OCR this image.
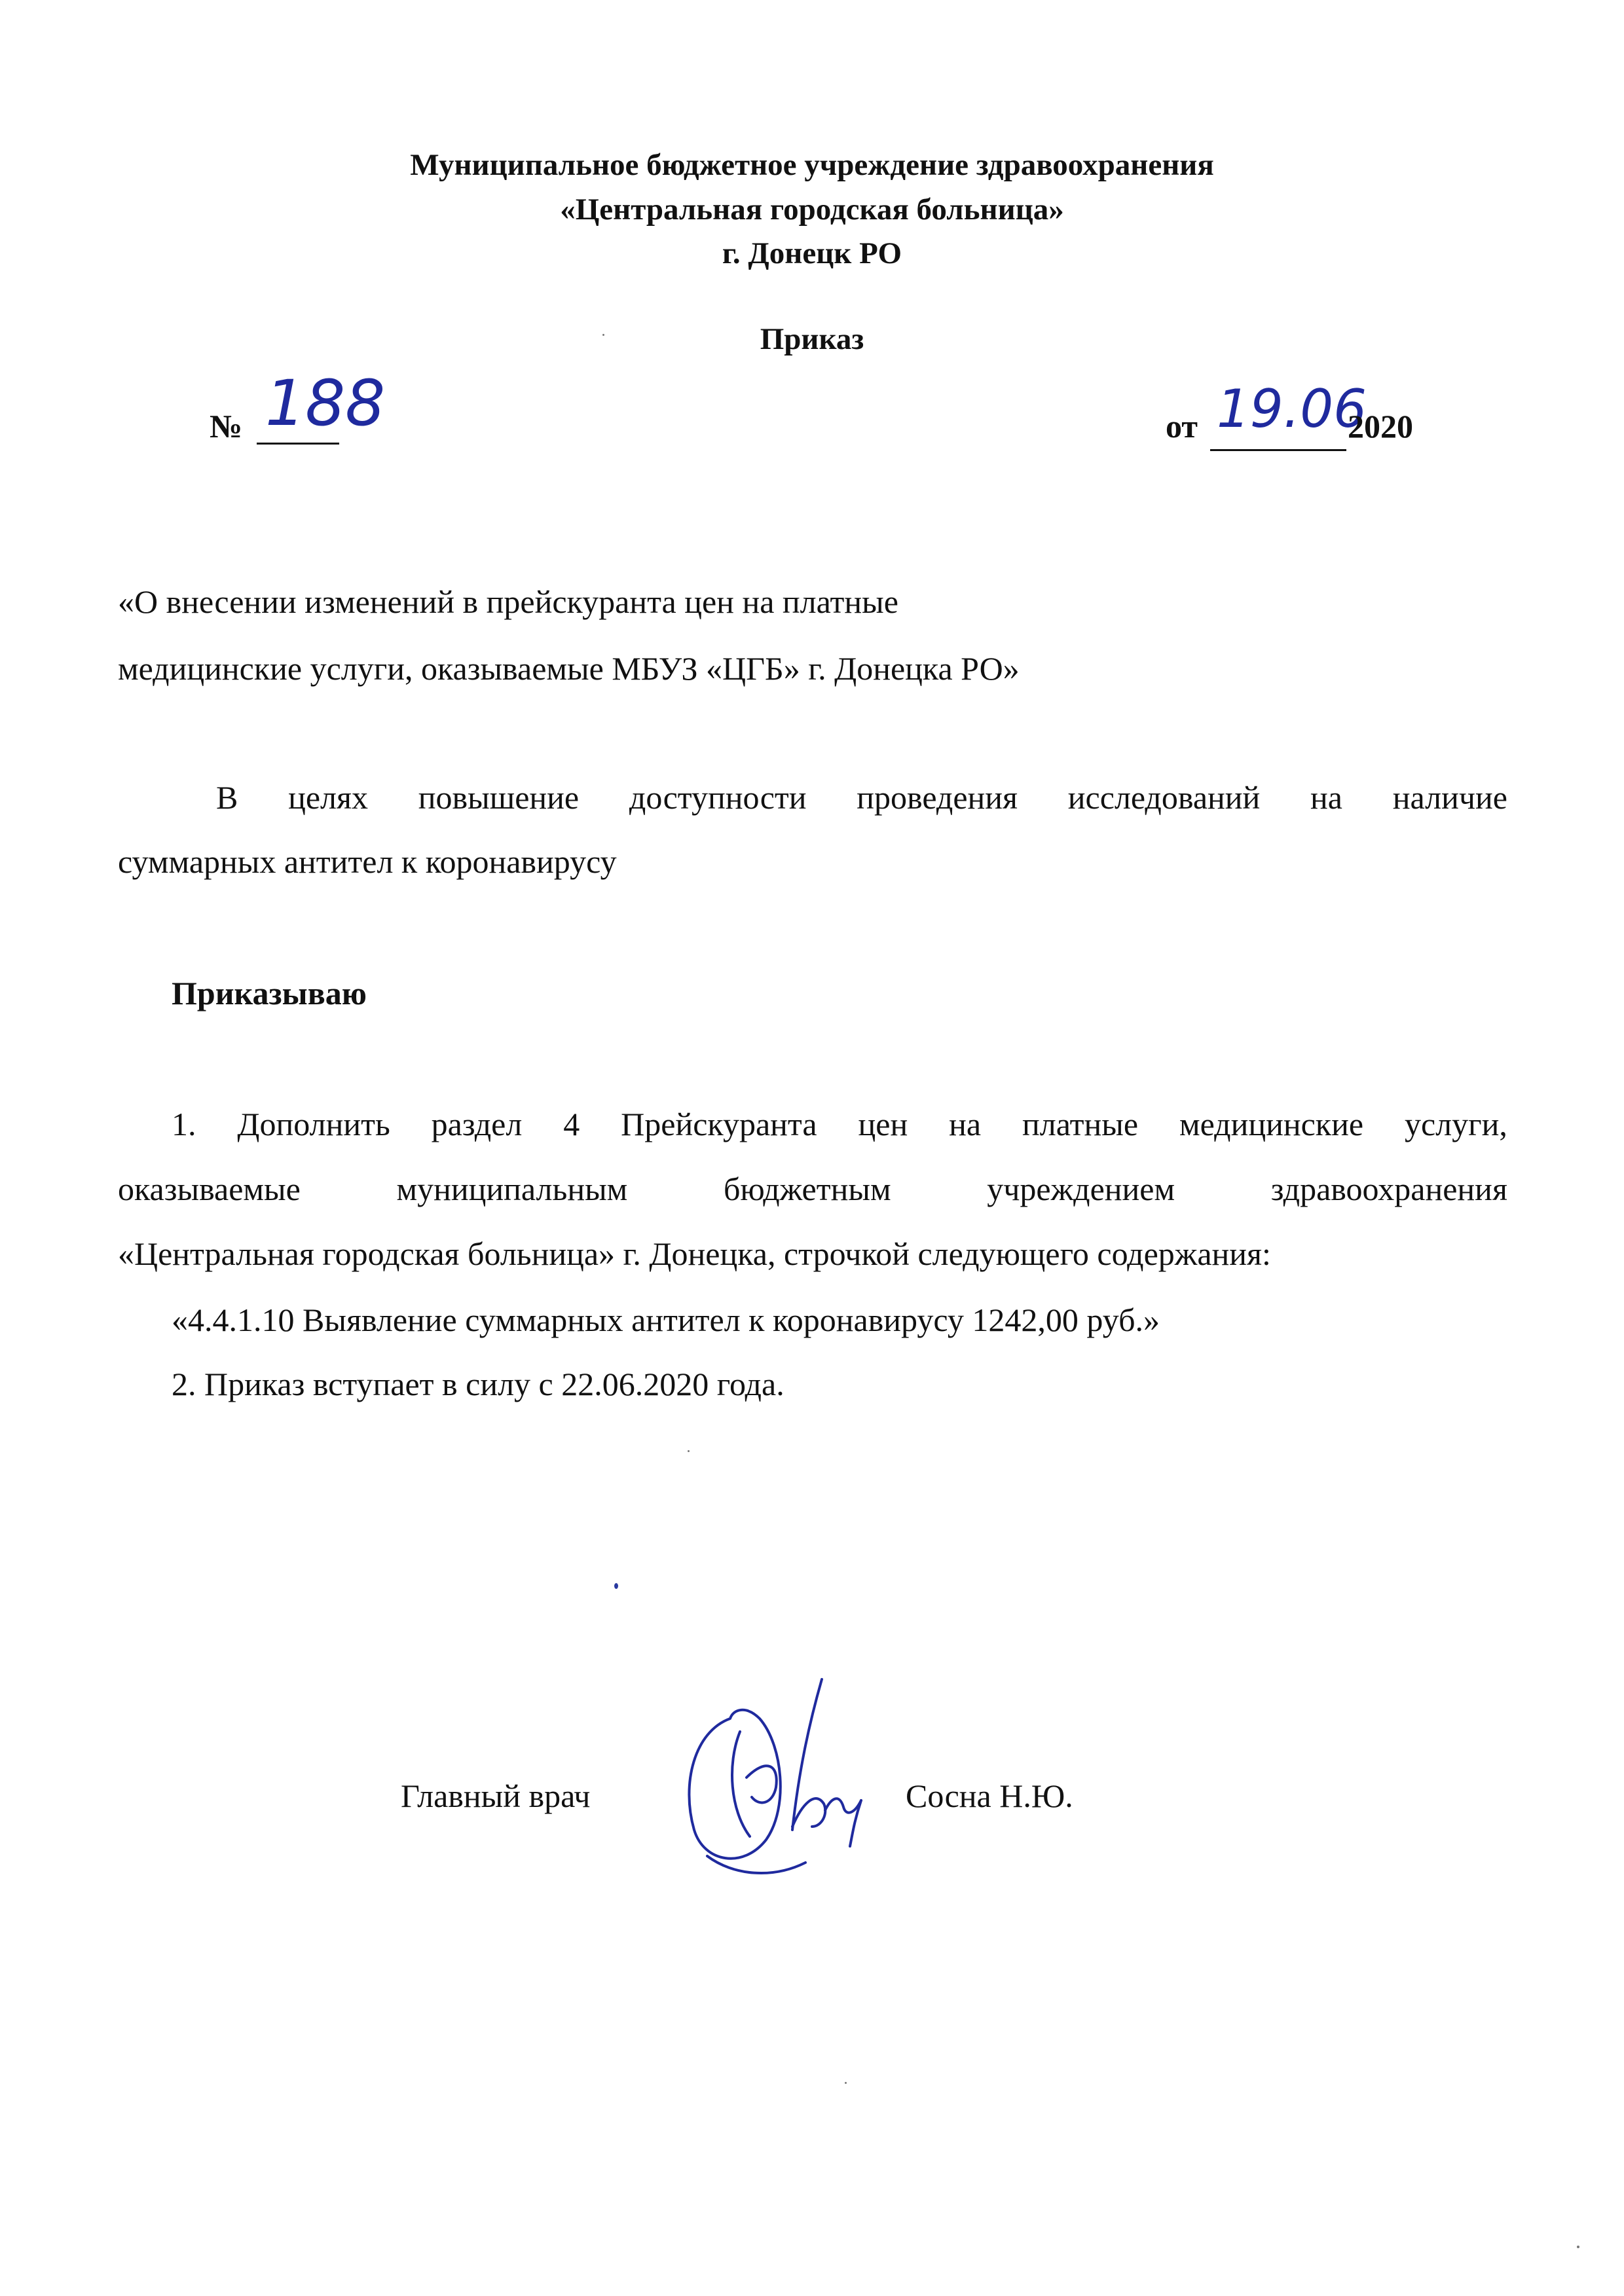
Муниципальное бюджетное учреждение здравоохранения
«Центральная городская больница»
г. Донецк РО
Приказ
№ 188	от 19.06
2020
«О внесении изменений в прейскуранта цен на платные
медицинские услуги, оказываемые МБУЗ «ЦГБ» г. Донецка РО»
В целях повышение доступности проведения исследований на наличие
суммарных антител к коронавирусу
Приказываю
1. Дополнить раздел 4 Прейскуранта цен на платные медицинские услуги,
оказываемые	муниципальным	бюджетным	учреждением	здравоохранения
«Центральная городская больница» г. Донецка, строчкой следующего содержания:
«4.4.1.10 Выявление суммарных антител к коронавирусу 1242,00 руб.»
2. Приказ вступает в силу с 22.06.2020 года.
Главный врач	Сосна Н.Ю.
